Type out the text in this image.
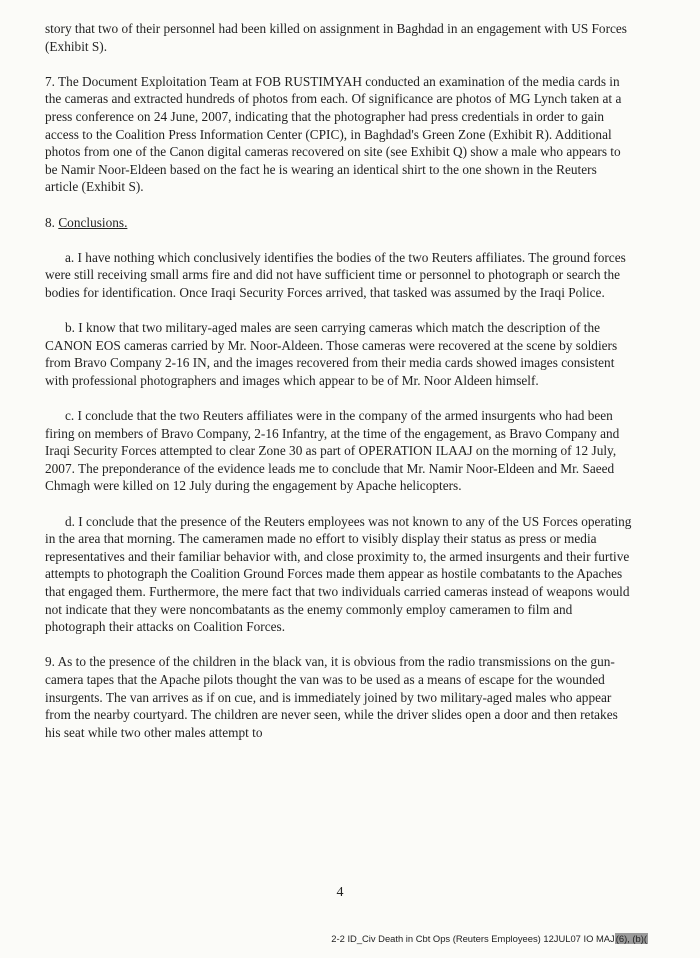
story that two of their personnel had been killed on assignment in Baghdad in an engagement with US Forces (Exhibit S).

7. The Document Exploitation Team at FOB RUSTIMYAH conducted an examination of the media cards in the cameras and extracted hundreds of photos from each. Of significance are photos of MG Lynch taken at a press conference on 24 June, 2007, indicating that the photographer had press credentials in order to gain access to the Coalition Press Information Center (CPIC), in Baghdad's Green Zone (Exhibit R). Additional photos from one of the Canon digital cameras recovered on site (see Exhibit Q) show a male who appears to be Namir Noor-Eldeen based on the fact he is wearing an identical shirt to the one shown in the Reuters article (Exhibit S).

8. Conclusions.

a. I have nothing which conclusively identifies the bodies of the two Reuters affiliates. The ground forces were still receiving small arms fire and did not have sufficient time or personnel to photograph or search the bodies for identification. Once Iraqi Security Forces arrived, that tasked was assumed by the Iraqi Police.

b. I know that two military-aged males are seen carrying cameras which match the description of the CANON EOS cameras carried by Mr. Noor-Aldeen. Those cameras were recovered at the scene by soldiers from Bravo Company 2-16 IN, and the images recovered from their media cards showed images consistent with professional photographers and images which appear to be of Mr. Noor Aldeen himself.

c. I conclude that the two Reuters affiliates were in the company of the armed insurgents who had been firing on members of Bravo Company, 2-16 Infantry, at the time of the engagement, as Bravo Company and Iraqi Security Forces attempted to clear Zone 30 as part of OPERATION ILAAJ on the morning of 12 July, 2007. The preponderance of the evidence leads me to conclude that Mr. Namir Noor-Eldeen and Mr. Saeed Chmagh were killed on 12 July during the engagement by Apache helicopters.

d. I conclude that the presence of the Reuters employees was not known to any of the US Forces operating in the area that morning. The cameramen made no effort to visibly display their status as press or media representatives and their familiar behavior with, and close proximity to, the armed insurgents and their furtive attempts to photograph the Coalition Ground Forces made them appear as hostile combatants to the Apaches that engaged them. Furthermore, the mere fact that two individuals carried cameras instead of weapons would not indicate that they were noncombatants as the enemy commonly employ cameramen to film and photograph their attacks on Coalition Forces.

9. As to the presence of the children in the black van, it is obvious from the radio transmissions on the gun-camera tapes that the Apache pilots thought the van was to be used as a means of escape for the wounded insurgents. The van arrives as if on cue, and is immediately joined by two military-aged males who appear from the nearby courtyard. The children are never seen, while the driver slides open a door and then retakes his seat while two other males attempt to

4
2-2 ID_Civ Death in Cbt Ops (Reuters Employees) 12JUL07 IO MAJ(6), (b)(
